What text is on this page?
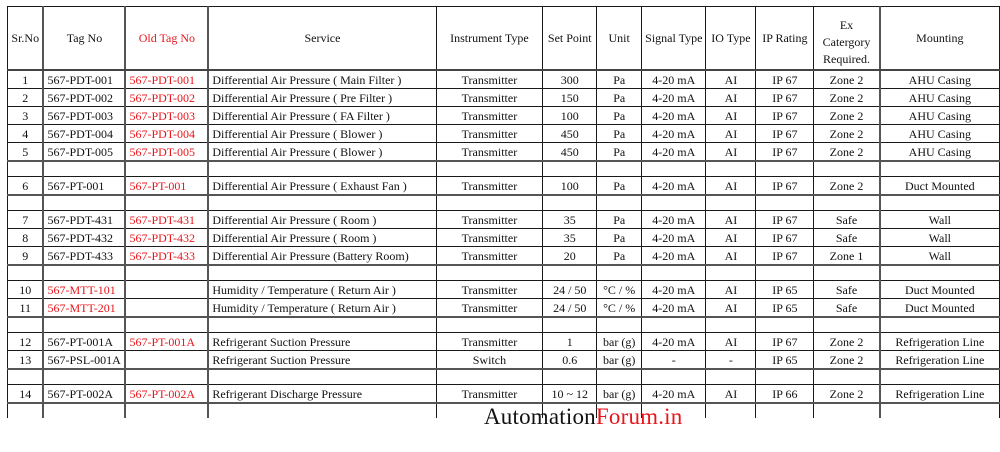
Sr.No	Tag No	Old Tag No	Service	Instrument Type	Set Point	Unit	Signal Type	IO Type	IP Rating	Ex Catergory Required.	Mounting
1	567-PDT-001	567-PDT-001	Differential Air Pressure ( Main Filter )	Transmitter	300	Pa	4-20 mA	AI	IP 67	Zone 2	AHU Casing
2	567-PDT-002	567-PDT-002	Differential Air Pressure ( Pre Filter )	Transmitter	150	Pa	4-20 mA	AI	IP 67	Zone 2	AHU Casing
3	567-PDT-003	567-PDT-003	Differential Air Pressure ( FA Filter )	Transmitter	100	Pa	4-20 mA	AI	IP 67	Zone 2	AHU Casing
4	567-PDT-004	567-PDT-004	Differential Air Pressure ( Blower )	Transmitter	450	Pa	4-20 mA	AI	IP 67	Zone 2	AHU Casing
5	567-PDT-005	567-PDT-005	Differential Air Pressure ( Blower )	Transmitter	450	Pa	4-20 mA	AI	IP 67	Zone 2	AHU Casing

6	567-PT-001	567-PT-001	Differential Air Pressure ( Exhaust Fan )	Transmitter	100	Pa	4-20 mA	AI	IP 67	Zone 2	Duct Mounted

7	567-PDT-431	567-PDT-431	Differential Air Pressure ( Room )	Transmitter	35	Pa	4-20 mA	AI	IP 67	Safe	Wall
8	567-PDT-432	567-PDT-432	Differential Air Pressure ( Room )	Transmitter	35	Pa	4-20 mA	AI	IP 67	Safe	Wall
9	567-PDT-433	567-PDT-433	Differential Air Pressure (Battery Room)	Transmitter	20	Pa	4-20 mA	AI	IP 67	Zone 1	Wall

10	567-MTT-101		Humidity / Temperature ( Return Air )	Transmitter	24 / 50	°C / %	4-20 mA	AI	IP 65	Safe	Duct Mounted
11	567-MTT-201		Humidity / Temperature ( Return Air )	Transmitter	24 / 50	°C / %	4-20 mA	AI	IP 65	Safe	Duct Mounted

12	567-PT-001A	567-PT-001A	Refrigerant Suction Pressure	Transmitter	1	bar (g)	4-20 mA	AI	IP 67	Zone 2	Refrigeration Line
13	567-PSL-001A		Refrigerant Suction Pressure	Switch	0.6	bar (g)	-	-	IP 65	Zone 2	Refrigeration Line

14	567-PT-002A	567-PT-002A	Refrigerant Discharge Pressure	Transmitter	10 ~ 12	bar (g)	4-20 mA	AI	IP 66	Zone 2	Refrigeration Line

AutomationForum.in
